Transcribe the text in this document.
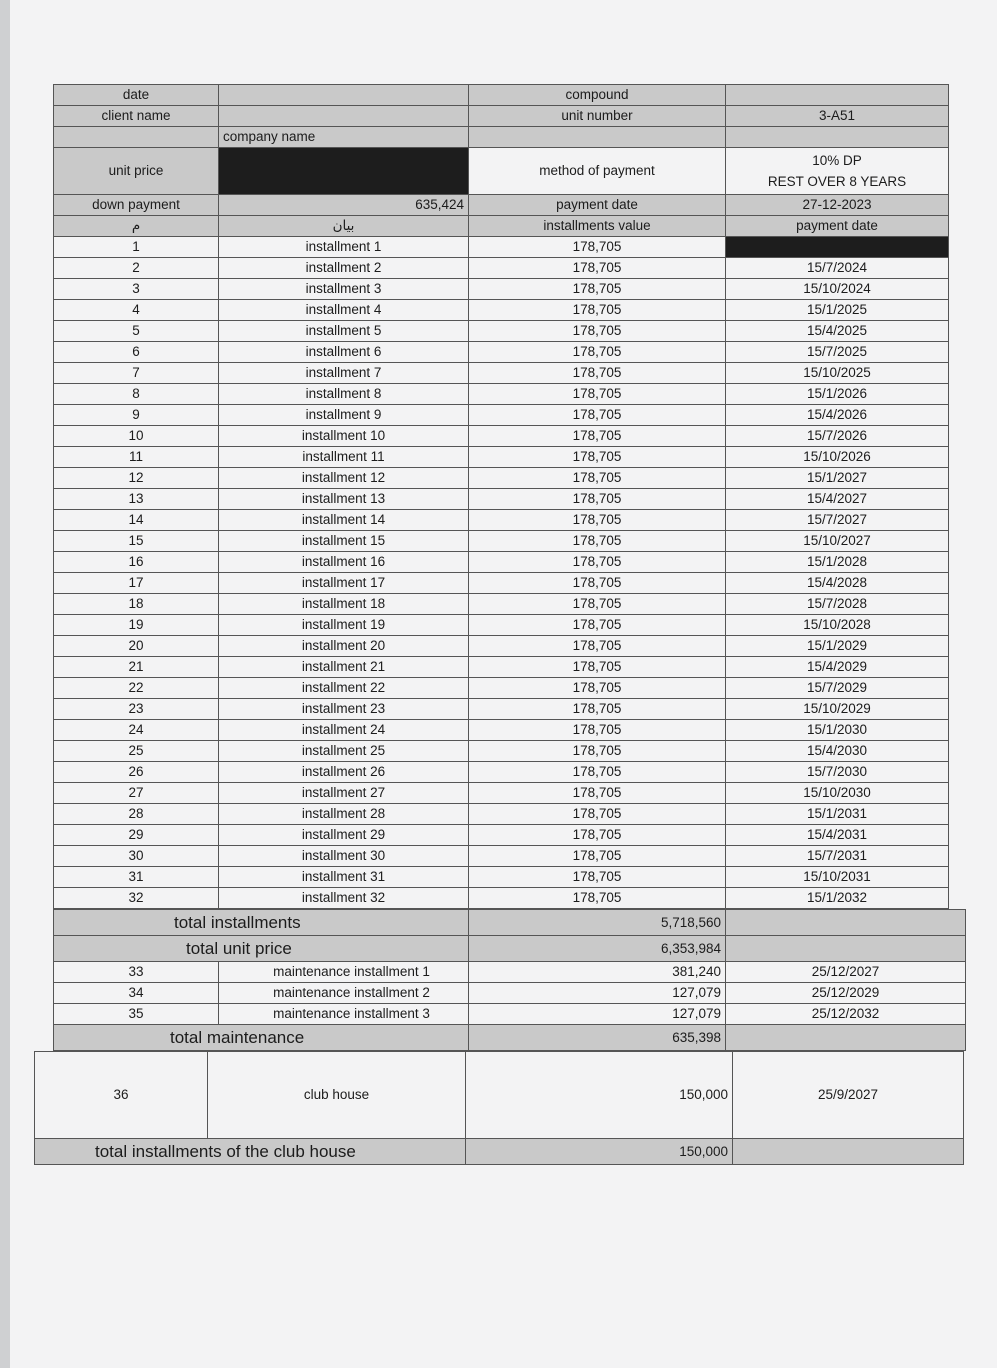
date		compound	
client name		unit number	3-A51
	company name		
unit price		method of payment	10% DP
REST OVER 8 YEARS

down payment	635,424	payment date	27-12-2023
م	بيان	installments value	payment date
1	installment 1	178,705	
2	installment 2	178,705	15/7/2024
3	installment 3	178,705	15/10/2024
4	installment 4	178,705	15/1/2025
5	installment 5	178,705	15/4/2025
6	installment 6	178,705	15/7/2025
7	installment 7	178,705	15/10/2025
8	installment 8	178,705	15/1/2026
9	installment 9	178,705	15/4/2026
10	installment 10	178,705	15/7/2026
11	installment 11	178,705	15/10/2026
12	installment 12	178,705	15/1/2027
13	installment 13	178,705	15/4/2027
14	installment 14	178,705	15/7/2027
15	installment 15	178,705	15/10/2027
16	installment 16	178,705	15/1/2028
17	installment 17	178,705	15/4/2028
18	installment 18	178,705	15/7/2028
19	installment 19	178,705	15/10/2028
20	installment 20	178,705	15/1/2029
21	installment 21	178,705	15/4/2029
22	installment 22	178,705	15/7/2029
23	installment 23	178,705	15/10/2029
24	installment 24	178,705	15/1/2030
25	installment 25	178,705	15/4/2030
26	installment 26	178,705	15/7/2030
27	installment 27	178,705	15/10/2030
28	installment 28	178,705	15/1/2031
29	installment 29	178,705	15/4/2031
30	installment 30	178,705	15/7/2031
31	installment 31	178,705	15/10/2031
32	installment 32	178,705	15/1/2032
total installments		5,718,560	
total unit price		6,353,984	
33	maintenance installment 1	381,240	25/12/2027
34	maintenance installment 2	127,079	25/12/2029
35	maintenance installment 3	127,079	25/12/2032
total maintenance		635,398	
36	club house	150,000	25/9/2027
total installments of the club house		150,000	
